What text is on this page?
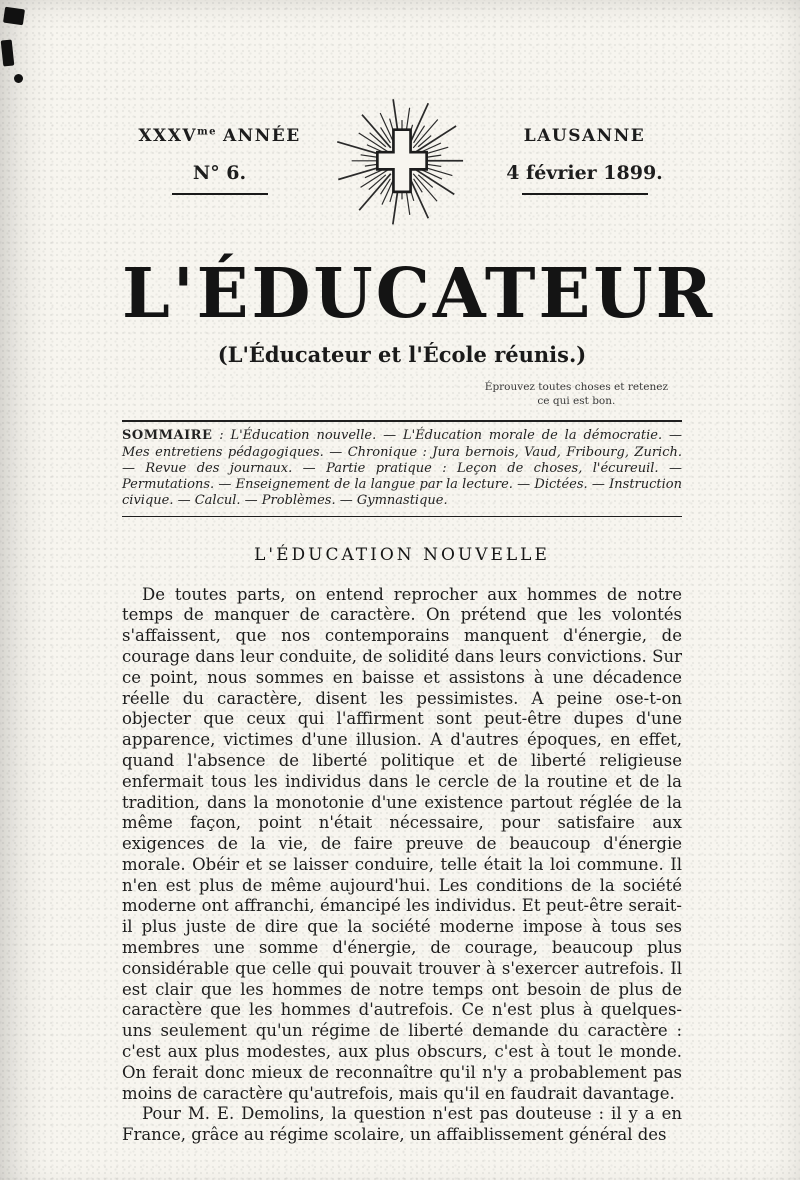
$XXXV^{me}$ ANNÉE
N° 6.
LAUSANNE
4 février 1899.
L'ÉDUCATEUR
(L'Éducateur et l'École réunis.)
Éprouvez toutes choses et retenez
ce qui est bon.

SOMMAIRE : L'Éducation nouvelle. — L'Éducation morale de la démocratie. — Mes entretiens pédagogiques. — Chronique : Jura bernois, Vaud, Fribourg, Zurich. — Revue des journaux. — Partie pratique : Leçon de choses, l'écureuil. — Permutations. — Enseignement de la langue par la lecture. — Dictées. — Instruction civique. — Calcul. — Problèmes. — Gymnastique.

L'ÉDUCATION NOUVELLE

De toutes parts, on entend reprocher aux hommes de notre temps de manquer de caractère. On prétend que les volontés s'affaissent, que nos contemporains manquent d'énergie, de courage dans leur conduite, de solidité dans leurs convictions. Sur ce point, nous sommes en baisse et assistons à une décadence réelle du caractère, disent les pessimistes. A peine ose-t-on objecter que ceux qui l'affirment sont peut-être dupes d'une apparence, victimes d'une illusion. A d'autres époques, en effet, quand l'absence de liberté politique et de liberté religieuse enfermait tous les individus dans le cercle de la routine et de la tradition, dans la monotonie d'une existence partout réglée de la même façon, point n'était nécessaire, pour satisfaire aux exigences de la vie, de faire preuve de beaucoup d'énergie morale. Obéir et se laisser conduire, telle était la loi commune. Il n'en est plus de même aujourd'hui. Les conditions de la société moderne ont affranchi, émancipé les individus. Et peut-être serait-il plus juste de dire que la société moderne impose à tous ses membres une somme d'énergie, de courage, beaucoup plus considérable que celle qui pouvait trouver à s'exercer autrefois. Il est clair que les hommes de notre temps ont besoin de plus de caractère que les hommes d'autrefois. Ce n'est plus à quelques-uns seulement qu'un régime de liberté demande du caractère : c'est aux plus modestes, aux plus obscurs, c'est à tout le monde. On ferait donc mieux de reconnaître qu'il n'y a probablement pas moins de caractère qu'autrefois, mais qu'il en faudrait davantage.

Pour M. E. Demolins, la question n'est pas douteuse : il y a en France, grâce au régime scolaire, un affaiblissement général des
